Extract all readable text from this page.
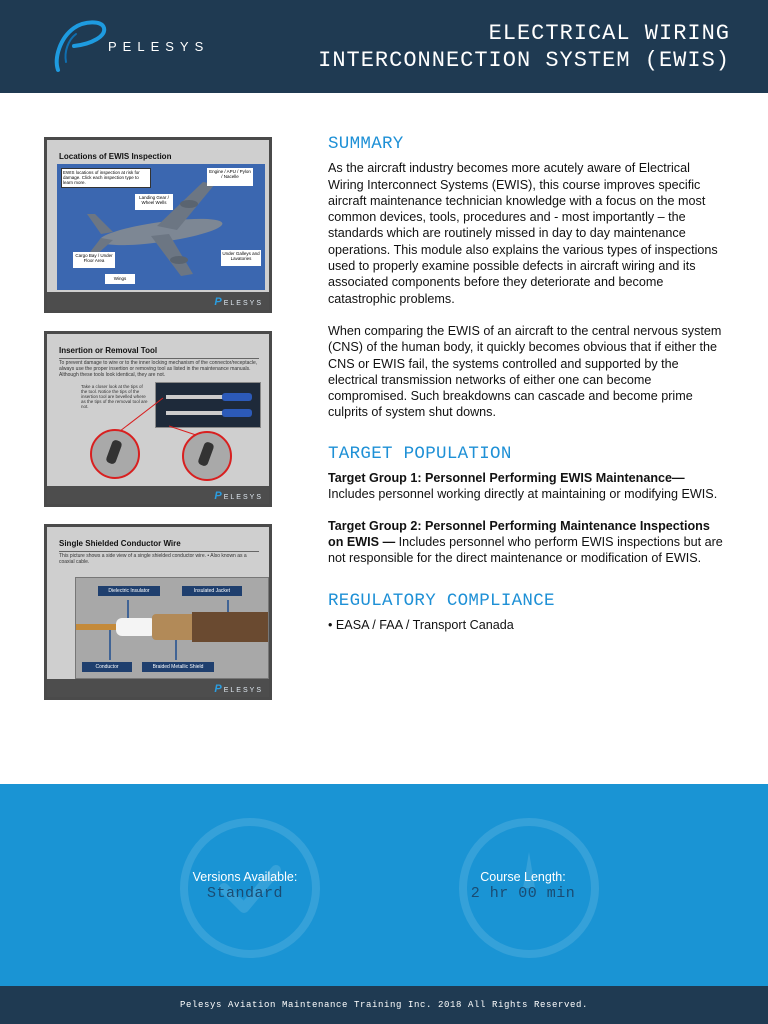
PELESYS
ELECTRICAL WIRING
INTERCONNECTION SYSTEM (EWIS)
Locations of EWIS Inspection
EWIS locations of inspection at risk for damage. Click each inspection type to learn more.
Landing Gear / Wheel Wells
Engine / APU / Pylon / Nacelle
Cargo Bay / Under Floor Area
Under Galleys and Lavatories
Wings
PELESYS
Insertion or Removal Tool
To prevent damage to wire or to the inner locking mechanism of the connector/receptacle, always use the proper insertion or removing tool as listed in the maintenance manuals. Although these tools look identical, they are not.
Take a closer look at the tips of the tool. Notice the tips of the insertion tool are bevelled where as the tips of the removal tool are not.
PELESYS
Single Shielded Conductor Wire
This picture shows a side view of a single shielded conductor wire. • Also known as a coaxial cable.
Dielectric Insulator	Insulated Jacket
Conductor	Braided Metallic Shield
PELESYS
SUMMARY

As the aircraft industry becomes more acutely aware of Electrical Wiring Interconnect Systems (EWIS), this course improves specific aircraft maintenance technician knowledge with a focus on the most common devices, tools, procedures and - most importantly – the standards which are routinely missed in day to day maintenance operations. This module also explains the various types of inspections used to properly examine possible defects in aircraft wiring and its associated components before they deteriorate and become catastrophic problems.

When comparing the EWIS of an aircraft to the central nervous system (CNS) of the human body, it quickly becomes obvious that if either the CNS or EWIS fail, the systems controlled and supported by the electrical transmission networks of either one can become compromised. Such breakdowns can cascade and become prime culprits of system shut downs.

TARGET POPULATION

Target Group 1: Personnel Performing EWIS Maintenance—
Includes personnel working directly at maintaining or modifying EWIS.

Target Group 2: Personnel Performing Maintenance Inspections on EWIS — Includes personnel who perform EWIS inspections but are not responsible for the direct maintenance or modification of EWIS.

REGULATORY COMPLIANCE

• EASA / FAA / Transport Canada

Versions Available:
Standard
Course Length:
2 hr 00 min
Pelesys Aviation Maintenance Training Inc. 2018 All Rights Reserved.
